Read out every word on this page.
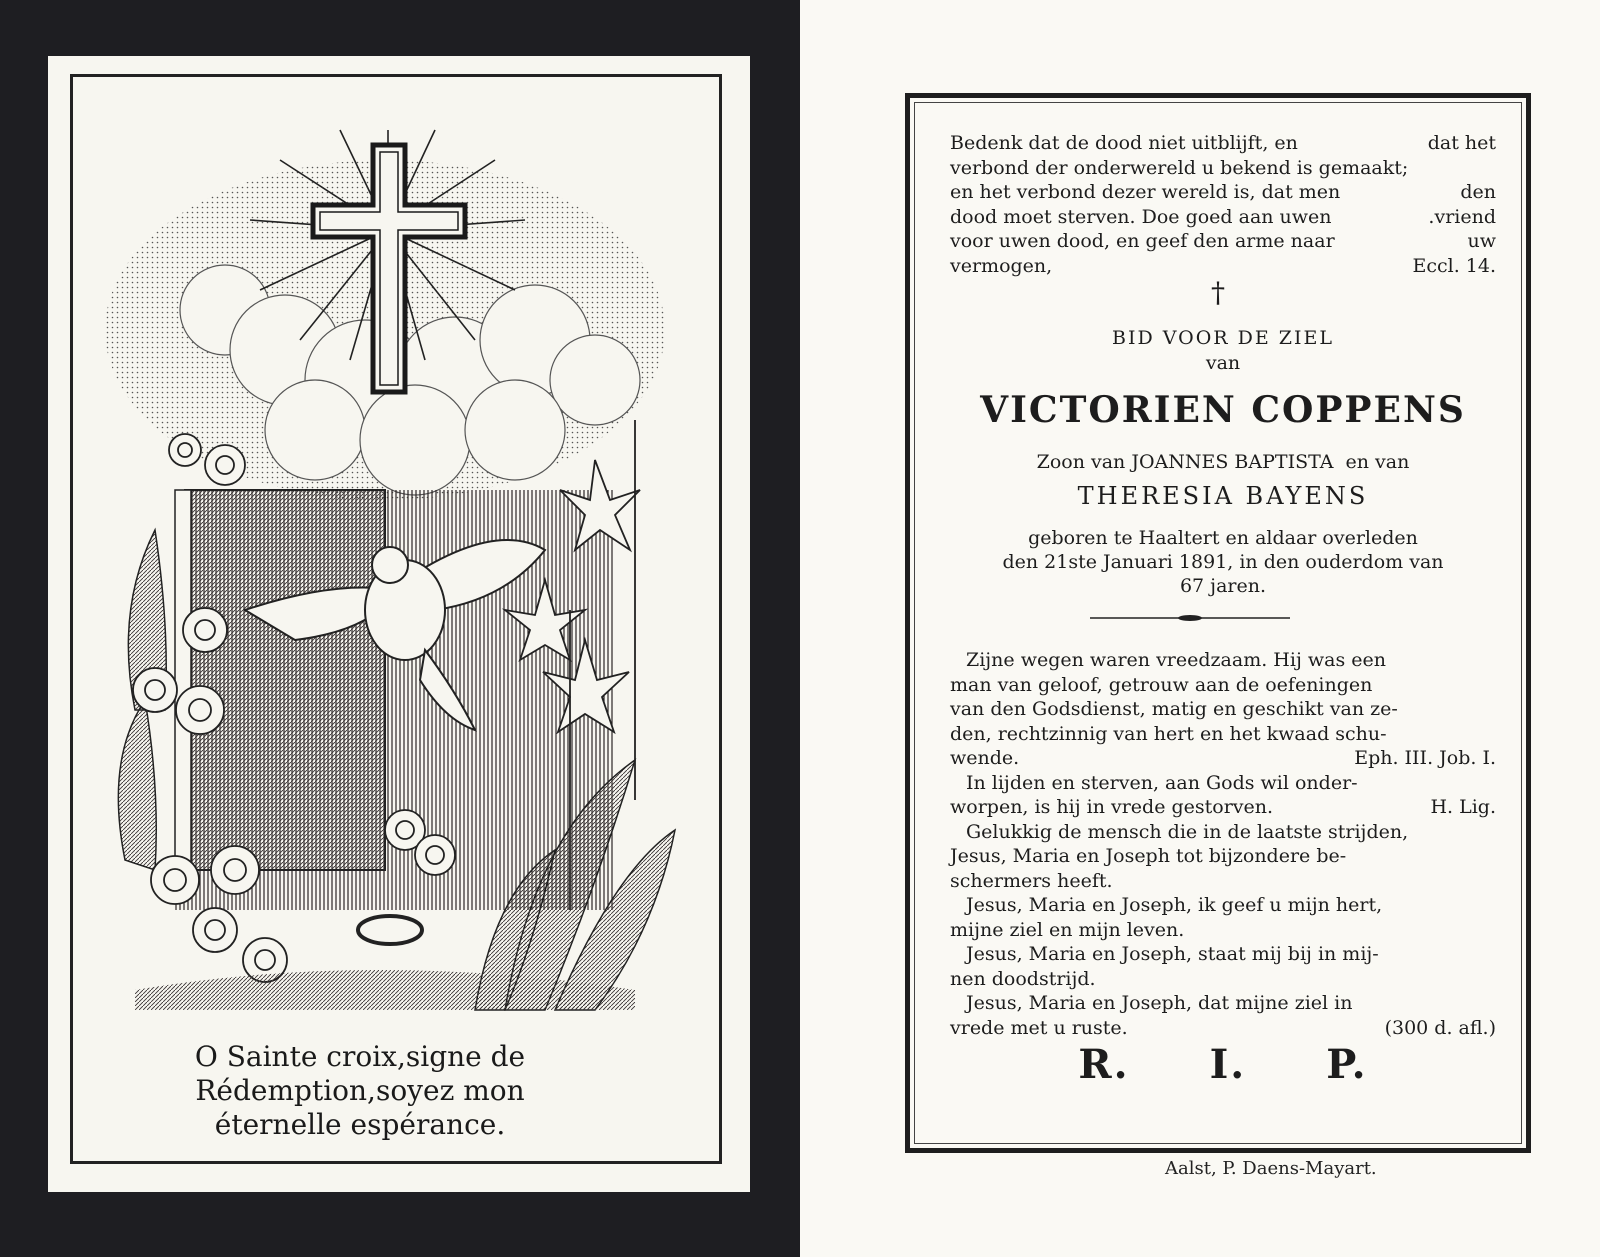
O Sainte croix,signe de
Rédemption,soyez mon
éternelle espérance.
Bedenk dat de dood niet uitblijft, en	dat het
verbond der onderwereld u bekend is gemaakt;
en het verbond dezer wereld is, dat men	den
dood moet sterven. Doe goed aan uwen	.vriend
voor uwen dood, en geef den arme naar	uw
vermogen,	Eccl. 14.
†
BID VOOR DE ZIEL
van
VICTORIEN COPPENS
Zoon van JOANNES BAPTISTA  en van
THERESIA BAYENS
geboren te Haaltert en aldaar overleden
den 21ste Januari 1891, in den ouderdom van
67 jaren.
Zijne wegen waren vreedzaam. Hij was een
man van geloof, getrouw aan de oefeningen
van den Godsdienst, matig en geschikt van ze-
den, rechtzinnig van hert en het kwaad schu-
wende.	Eph. III. Job. I.
In lijden en sterven, aan Gods wil onder-
worpen, is hij in vrede gestorven.	H. Lig.
Gelukkig de mensch die in de laatste strijden,
Jesus, Maria en Joseph tot bijzondere be-
schermers heeft.
Jesus, Maria en Joseph, ik geef u mijn hert,
mijne ziel en mijn leven.
Jesus, Maria en Joseph, staat mij bij in mij-
nen doodstrijd.
Jesus, Maria en Joseph, dat mijne ziel in
vrede met u ruste.	(300 d. afl.)
R. I. P.
Aalst, P. Daens-Mayart.
